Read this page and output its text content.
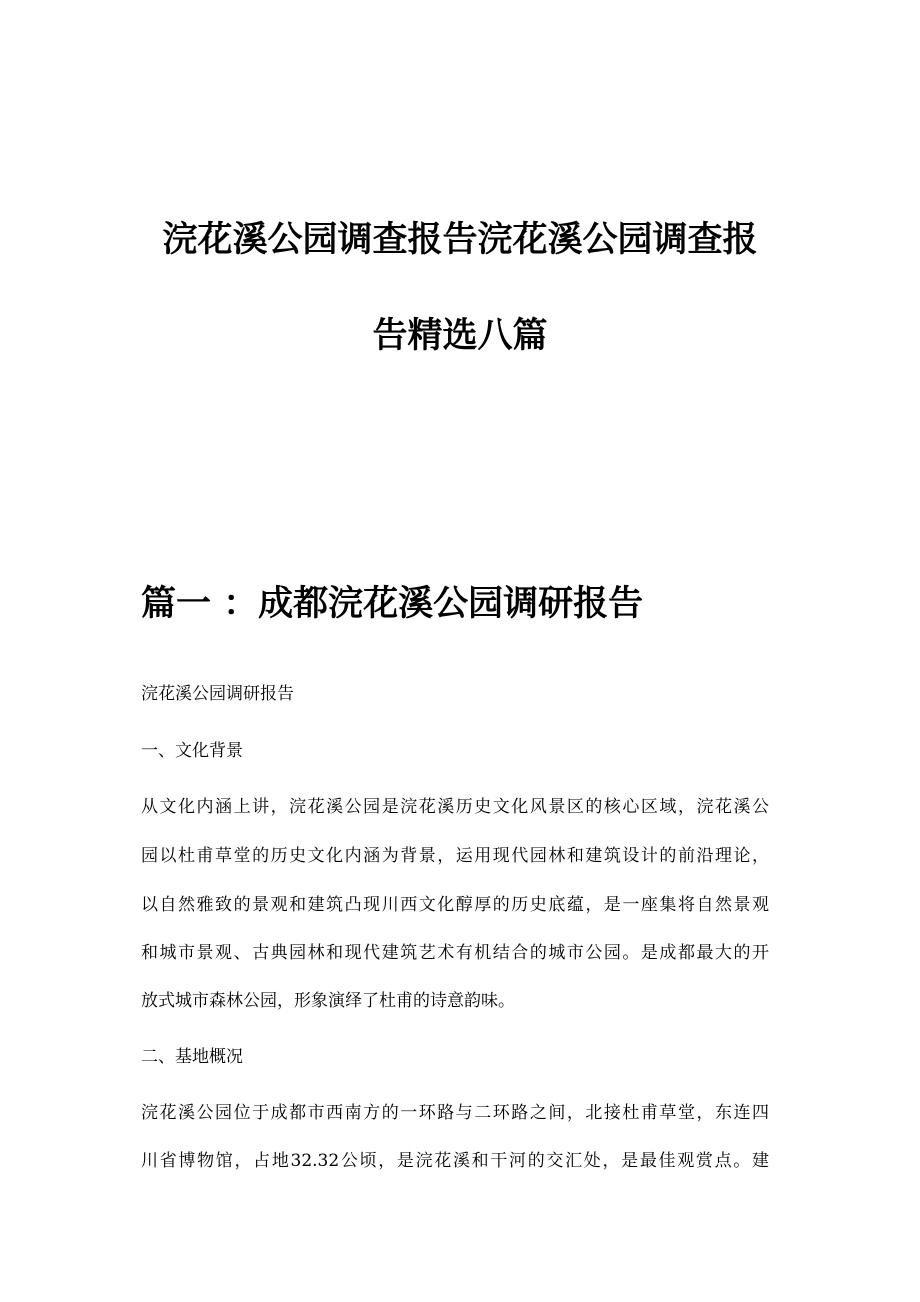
浣花溪公园调查报告浣花溪公园调查报
告精选八篇
篇一 ：成都浣花溪公园调研报告

浣花溪公园调研报告

一、文化背景

从文化内涵上讲，浣花溪公园是浣花溪历史文化风景区的核心区域，浣花溪公

园以杜甫草堂的历史文化内涵为背景，运用现代园林和建筑设计的前沿理论，

以自然雅致的景观和建筑凸现川西文化醇厚的历史底蕴，是一座集将自然景观

和城市景观、古典园林和现代建筑艺术有机结合的城市公园。是成都最大的开

放式城市森林公园，形象演绎了杜甫的诗意韵味。

二、基地概况

浣花溪公园位于成都市西南方的一环路与二环路之间，北接杜甫草堂，东连四

川省博物馆，占地32.32公顷，是浣花溪和干河的交汇处，是最佳观赏点。建
